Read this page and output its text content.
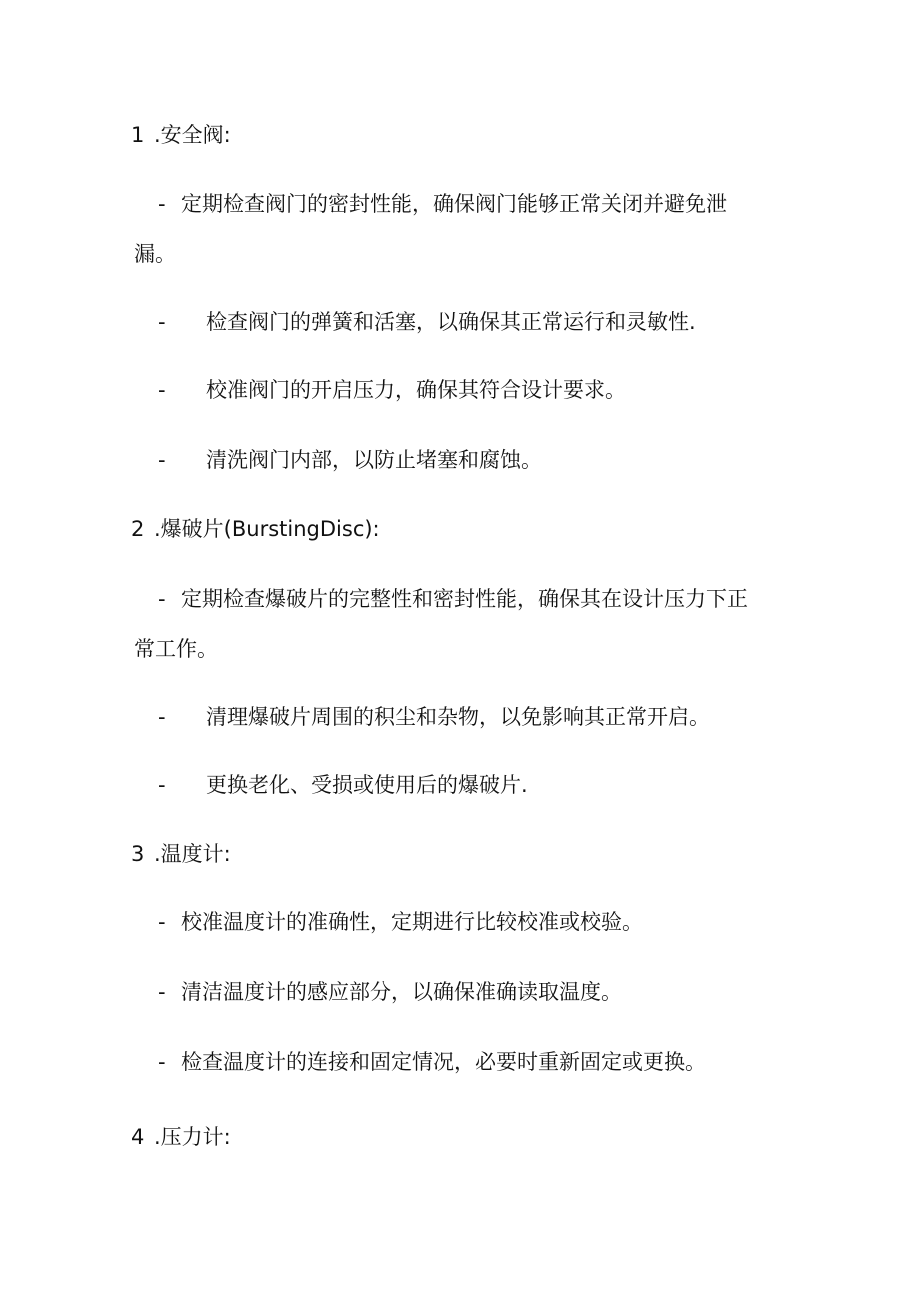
1 .安全阀:
- 定期检查阀门的密封性能，确保阀门能够正常关闭并避免泄
漏。
- 检查阀门的弹簧和活塞，以确保其正常运行和灵敏性.
- 校准阀门的开启压力，确保其符合设计要求。
- 清洗阀门内部，以防止堵塞和腐蚀。
2 .爆破片(BurstingDisc):
- 定期检查爆破片的完整性和密封性能，确保其在设计压力下正
常工作。
- 清理爆破片周围的积尘和杂物，以免影响其正常开启。
- 更换老化、受损或使用后的爆破片.
3 .温度计:
- 校准温度计的准确性，定期进行比较校准或校验。
- 清洁温度计的感应部分，以确保准确读取温度。
- 检查温度计的连接和固定情况，必要时重新固定或更换。
4 .压力计:
